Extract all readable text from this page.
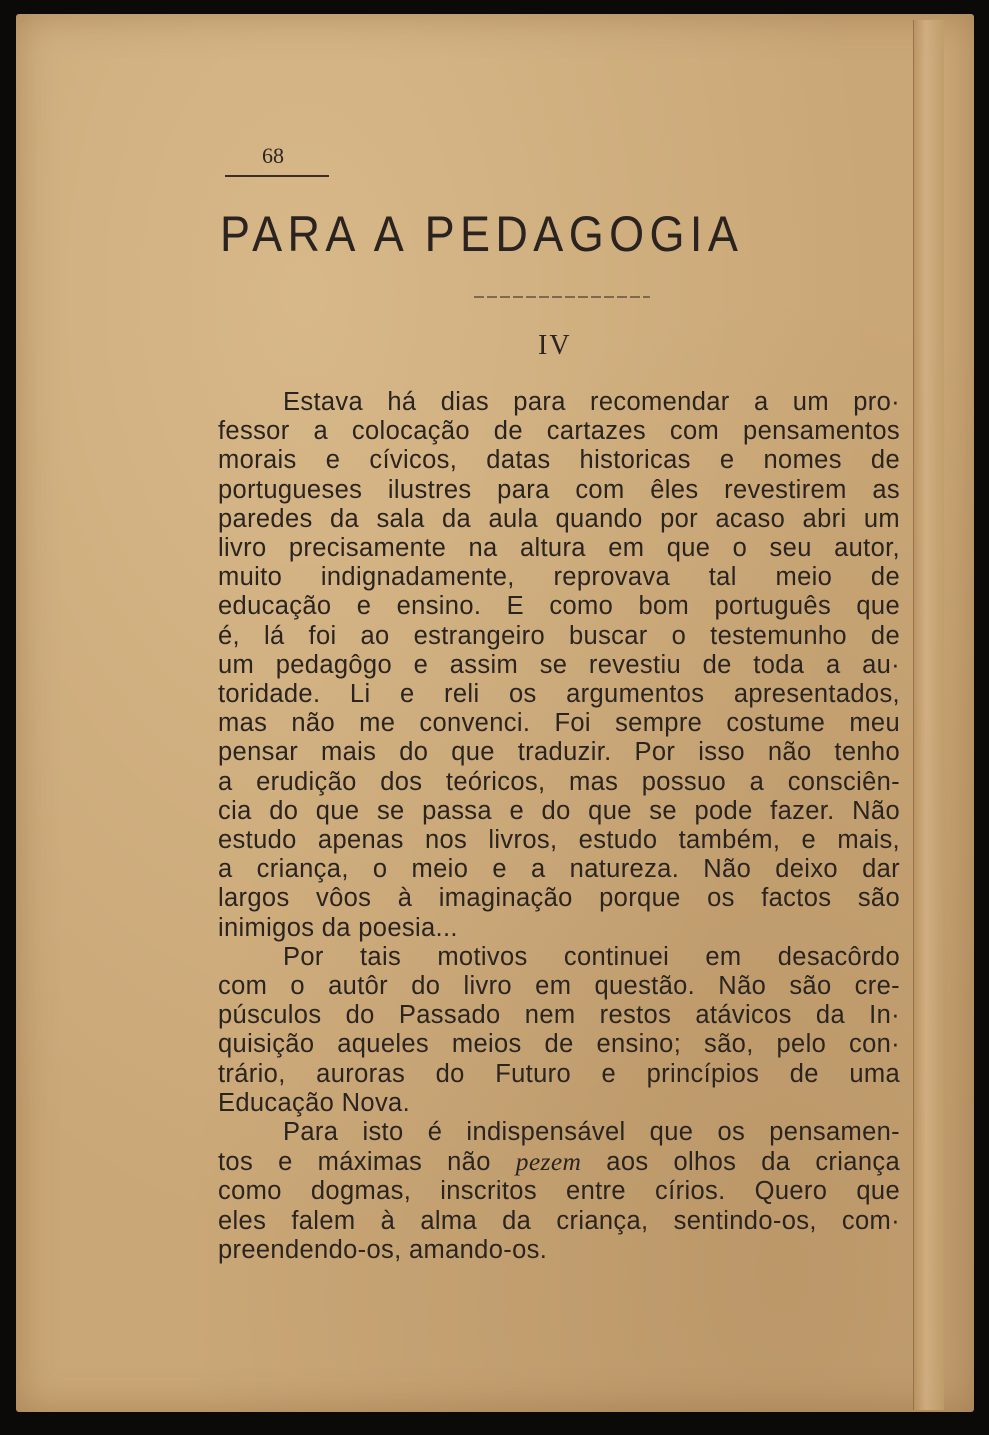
68
PARA A PEDAGOGIA
IV
Estava há dias para recomendar a um pro·
fessor a colocação de cartazes com pensamentos
morais e cívicos, datas historicas e nomes de
portugueses ilustres para com êles revestirem as
paredes da sala da aula quando por acaso abri um
livro precisamente na altura em que o seu autor,
muito indignadamente, reprovava tal meio de
educação e ensino. E como bom português que
é, lá foi ao estrangeiro buscar o testemunho de
um pedagôgo e assim se revestiu de toda a au·
toridade. Li e reli os argumentos apresentados,
mas não me convenci. Foi sempre costume meu
pensar mais do que traduzir. Por isso não tenho
a erudição dos teóricos, mas possuo a consciên-
cia do que se passa e do que se pode fazer. Não
estudo apenas nos livros, estudo também, e mais,
a criança, o meio e a natureza. Não deixo dar
largos vôos à imaginação porque os factos são
inimigos da poesia...
Por tais motivos continuei em desacôrdo
com o autôr do livro em questão. Não são cre-
púsculos do Passado nem restos atávicos da In·
quisição aqueles meios de ensino; são, pelo con·
trário, auroras do Futuro e princípios de uma
Educação Nova.
Para isto é indispensável que os pensamen-
tos e máximas não pezem aos olhos da criança
como dogmas, inscritos entre círios. Quero que
eles falem à alma da criança, sentindo-os, com·
preendendo-os, amando-os.
